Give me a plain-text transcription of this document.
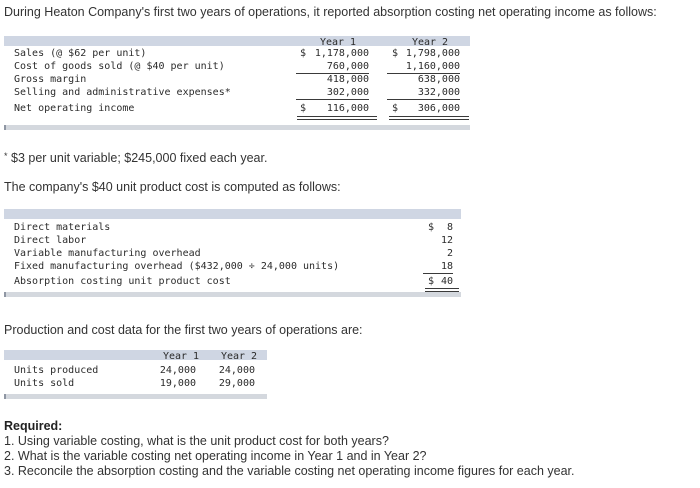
During Heaton Company's first two years of operations, it reported absorption costing net operating income as follows:
Year 1	Year 2
Sales (@ $62 per unit)	$ 1,178,000 $ 1,798,000
Cost of goods sold (@ $40 per unit)	760,000	1,160,000
Gross margin	418,000	638,000
Selling and administrative expenses*	302,000	332,000
Net operating income	$ 116,000 $ 306,000
* $3 per unit variable; $245,000 fixed each year.
The company's $40 unit product cost is computed as follows:
Direct materials	$ 8
Direct labor	12
Variable manufacturing overhead	2
Fixed manufacturing overhead ($432,000 ÷ 24,000 units)	18
Absorption costing unit product cost	$ 40
Production and cost data for the first two years of operations are:
Year 1	Year 2
Units produced	24,000 24,000
Units sold	19,000 29,000
Required:
1. Using variable costing, what is the unit product cost for both years?
2. What is the variable costing net operating income in Year 1 and in Year 2?
3. Reconcile the absorption costing and the variable costing net operating income figures for each year.
